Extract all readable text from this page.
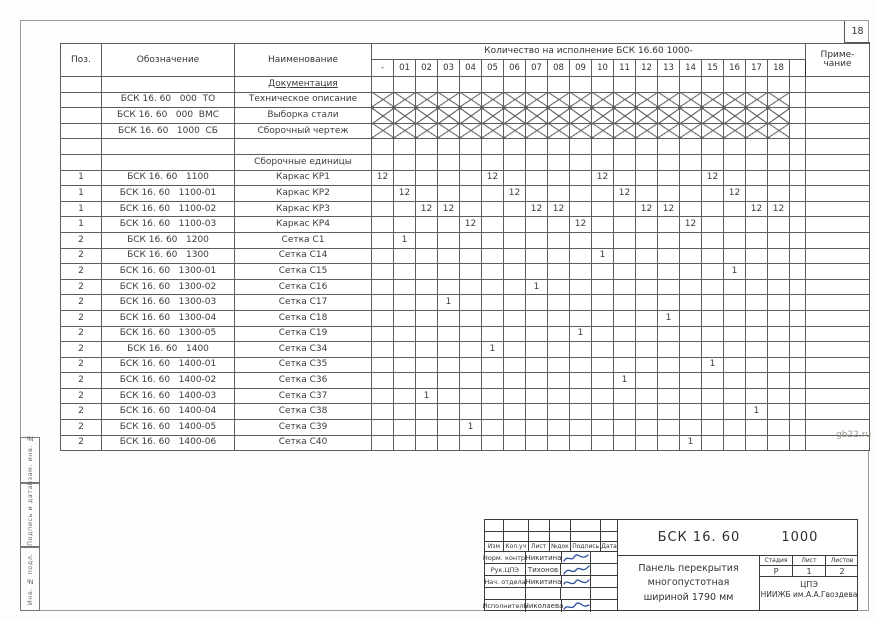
18
Поз.	Обозначение	Наименование	Количество на исполнение БСК 16.60 1000-																				Приме-
чание

			-	01	02	03	04	05	06	07	08	09	10	11	12	13	14	15	16	17	18		
		Документация																					
	БСК 16. 60   000  ТО	Техническое описание																					
	БСК 16. 60   000  ВМС	Выборка стали																					
	БСК 16. 60   1000  СБ	Сборочный чертеж																					

		Сборочные единицы																					
1	БСК 16. 60   1100	Каркас КР1	12					12					12					12					
1	БСК 16. 60   1100-01	Каркас КР2		12					12					12					12				
1	БСК 16. 60   1100-02	Каркас КР3			12	12				12	12				12	12				12	12		
1	БСК 16. 60   1100-03	Каркас КР4					12					12					12						
2	БСК 16. 60   1200	Сетка С1		1																			
2	БСК 16. 60   1300	Сетка С14											1										
2	БСК 16. 60   1300-01	Сетка С15																	1				
2	БСК 16. 60   1300-02	Сетка С16								1													
2	БСК 16. 60   1300-03	Сетка С17				1																	
2	БСК 16. 60   1300-04	Сетка С18														1							
2	БСК 16. 60   1300-05	Сетка С19										1											
2	БСК 16. 60   1400	Сетка С34						1															
2	БСК 16. 60   1400-01	Сетка С35																1					
2	БСК 16. 60   1400-02	Сетка С36												1									
2	БСК 16. 60   1400-03	Сетка С37			1																		
2	БСК 16. 60   1400-04	Сетка С38																		1			
2	БСК 16. 60   1400-05	Сетка С39					1																
2	БСК 16. 60   1400-06	Сетка С40															1						
gb22.ru
Взам. инв. №
Подпись и дата
Инв. № подл.
Изм Кол.уч Лист №док Подпись Дата
Норм. контр.
Никитина
Рук.ЦПЭ	Тихонов
Нач. отдела Никитина
Исполнитель
Николаева
БСК 16. 60        1000
Панель перекрытия
многопустотная
шириной 1790 мм
Стадия	Лист	Листов
Р	1	2
ЦПЭ
НИИЖБ им.А.А.Гвоздева
